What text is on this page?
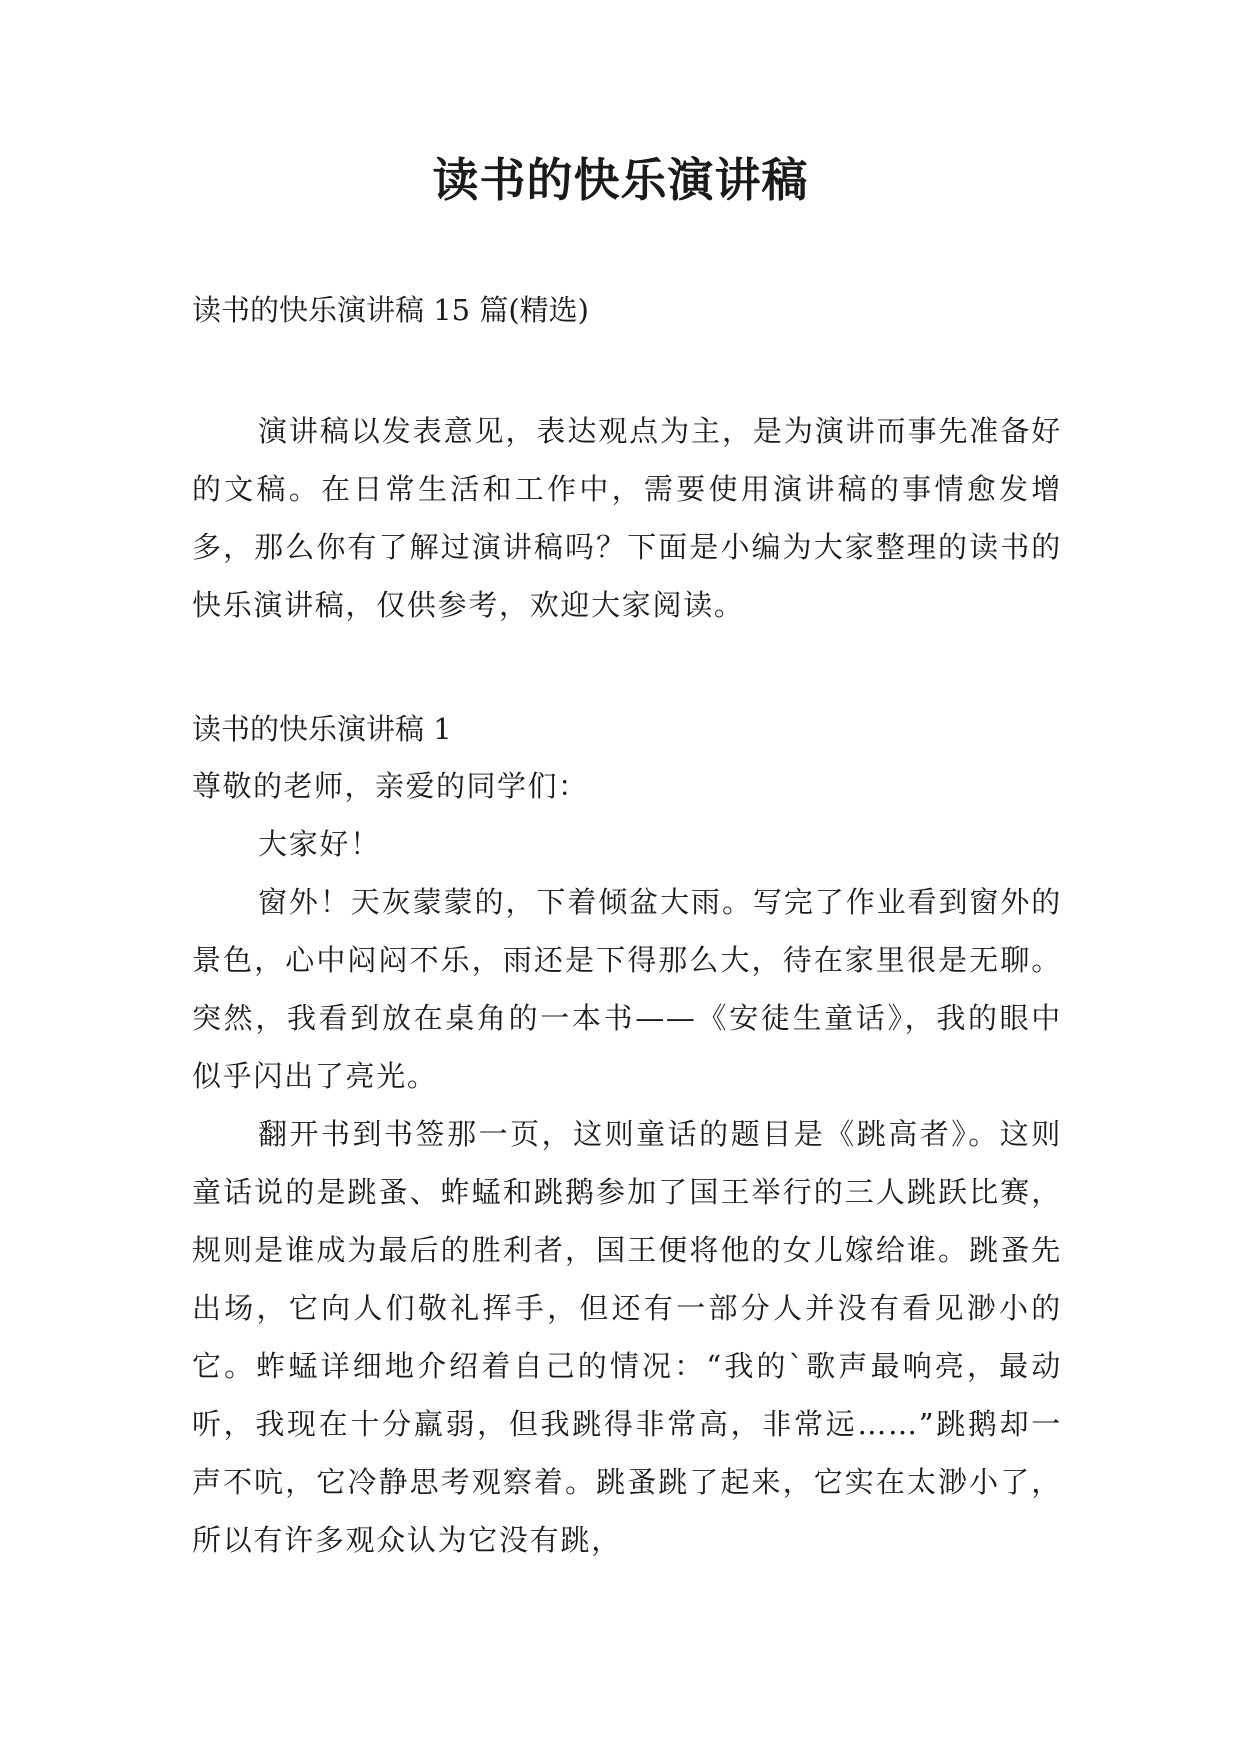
读书的快乐演讲稿

读书的快乐演讲稿 15 篇(精选)

演讲稿以发表意见，表达观点为主，是为演讲而事先准备好的文稿。在日常生活和工作中，需要使用演讲稿的事情愈发增多，那么你有了解过演讲稿吗？下面是小编为大家整理的读书的快乐演讲稿，仅供参考，欢迎大家阅读。

读书的快乐演讲稿 1

尊敬的老师，亲爱的同学们：

大家好！

窗外！天灰蒙蒙的，下着倾盆大雨。写完了作业看到窗外的景色，心中闷闷不乐，雨还是下得那么大，待在家里很是无聊。突然，我看到放在桌角的一本书——《安徒生童话》，我的眼中似乎闪出了亮光。

翻开书到书签那一页，这则童话的题目是《跳高者》。这则童话说的是跳蚤、蚱蜢和跳鹅参加了国王举行的三人跳跃比赛，规则是谁成为最后的胜利者，国王便将他的女儿嫁给谁。跳蚤先出场，它向人们敬礼挥手，但还有一部分人并没有看见渺小的它。蚱蜢详细地介绍着自己的情况：“我的`歌声最响亮，最动听，我现在十分羸弱，但我跳得非常高，非常远……”跳鹅却一声不吭，它冷静思考观察着。跳蚤跳了起来，它实在太渺小了，所以有许多观众认为它没有跳，
